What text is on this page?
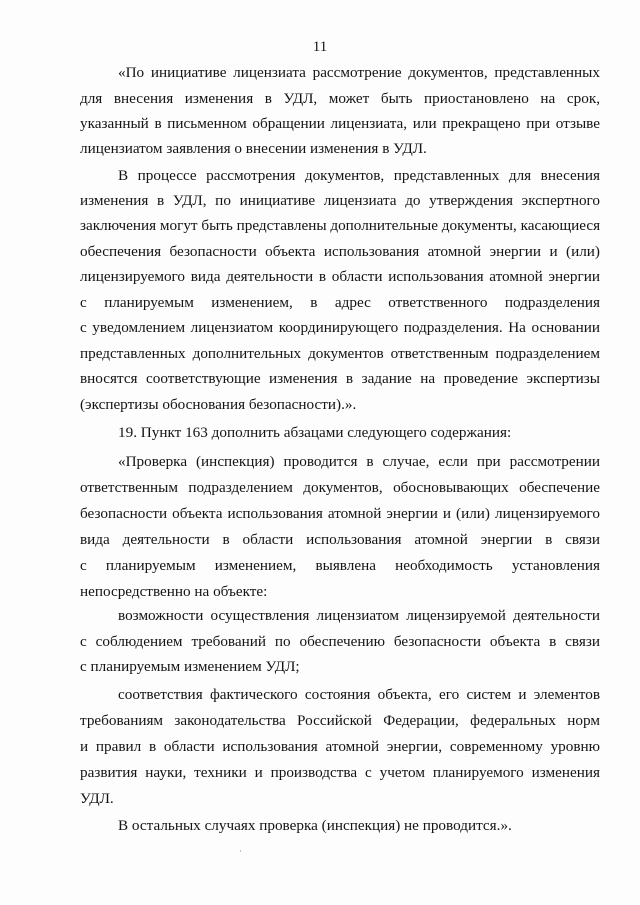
11
«По инициативе лицензиата рассмотрение документов, представленных
для внесения изменения в УДЛ, может быть приостановлено на срок,
указанный в письменном обращении лицензиата, или прекращено при отзыве
лицензиатом заявления о внесении изменения в УДЛ.
В процессе рассмотрения документов, представленных для внесения
изменения в УДЛ, по инициативе лицензиата до утверждения экспертного
заключения могут быть представлены дополнительные документы, касающиеся
обеспечения безопасности объекта использования атомной энергии и (или)
лицензируемого вида деятельности в области использования атомной энергии
с планируемым изменением, в адрес ответственного подразделения
с уведомлением лицензиатом координирующего подразделения. На основании
представленных дополнительных документов ответственным подразделением
вносятся соответствующие изменения в задание на проведение экспертизы
(экспертизы обоснования безопасности).».
19. Пункт 163 дополнить абзацами следующего содержания:
«Проверка (инспекция) проводится в случае, если при рассмотрении
ответственным подразделением документов, обосновывающих обеспечение
безопасности объекта использования атомной энергии и (или) лицензируемого
вида деятельности в области использования атомной энергии в связи
с планируемым изменением, выявлена необходимость установления
непосредственно на объекте:
возможности осуществления лицензиатом лицензируемой деятельности
с соблюдением требований по обеспечению безопасности объекта в связи
с планируемым изменением УДЛ;
соответствия фактического состояния объекта, его систем и элементов
требованиям законодательства Российской Федерации, федеральных норм
и правил в области использования атомной энергии, современному уровню
развития науки, техники и производства с учетом планируемого изменения
УДЛ.
В остальных случаях проверка (инспекция) не проводится.».
